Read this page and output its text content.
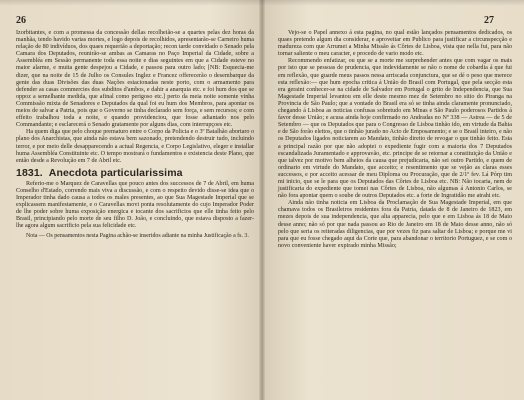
26

Izorbitantes, e com a promessa da concessão dellas recolheião-se a quartes pelas dez horas da manhãa, tendo havido varias mortes, e logo depois de recolhidos, apresentarão-se Carneiro huma relação de 80 indivíduos, dos quaes requerião a deportação; recon tarde convidado o Senado pela Camara dos Deputados, reunirão-se ambas as Camaras no Paço Imperial da Cidade, sobre a Assembléa em Sessão permanente toda essa noite e dias seguintes em que a Cidade esteve no maior alarme, e muita gente despejou a Cidade, e passou para outro lado; [NB: Esquecia-me dizer, que na noite de 15 de Julho os Consules Inglez e Francez offerecerão o desembarque da gente das duas Divisões das duas Nações estacionadas neste porto, com o armamento para defender as casas commercies dos subditos d'ambos, e dahir a anarquia etc. e foi hum dos que se oppoz a semelhante medida, que afinal como perigoso etc.] perto da meia noite somente vinha Commissão mixta de Senadores e Deputados da qual foi eu hum dos Membros, para apontar os meios de salvar a Patria, pois que o Governo se tinha declarado sem força, e sem recursos; e com effeito trabalhou toda a noite, e quando providenciou, que fosse adiantado nos pelo Commandante; e esclarecerá o Senado gratamente por alguns dias, com interrupçoes etc.

Ha quem diga que pelo choque prematuro entre o Corpo da Policia e o 3º Batalhão abortaro o plano dos Anarchistas, que ainda não estava bem sazonado, pretendendo destruir tudo, incluindo terror, e por meio delle desapparecendo a actual Regencia, e Corpo Legislativo, eleger e installar huma Assembléa Constituinte etc. O tempo mostrará o fundamentos e existencia deste Plano, que então desde a Revolução em 7 de Abril etc.

1831. Anecdota particularissima

Referio-me o Marquez de Caravellas que pouco antes dos successos de 7 de Abril, em huma Conselho d'Estado, correndo mais viva a discussão, e com o respeito devido disse-se idea que o Imperador tinha dado causa a todos os males presentes, ao que Sua Magestade Imperial que se explicassem manifestamente, e o Caravellas movi ponta resolutamente do cujo Imperador Poder de lhe poder sobre huma exposição energica e tocante dos sacrificios que elle tinha feito pelo Brasil, principiando pelo morte de seu filho D. João, e concluindo, que estava disposto a fazer-lhe agora algum sacrificio pela sua felicidade etc.

Nota — Os pensamentos nesta Pagina achão-se inseridos adiante na minha Justificação a fs. 3.

27

Vejo-se o Papel annexo á esta pagina, no qual estão lançados pensamentos dedicados, os quaes pretendo algum dia considerar, e aproveitar em Publico para justificar a circunspecção e madureza com que Arrumei a Minha Missão ás Côrtes de Lisboa, vista que nella fui, para não tornar saliente o meu caracter, e procedo de vario modo etc.

Recommendo enfatizar, ou que se a morte me surprehender antes que com vagar os mais por isto que se pessoas de prudencia, que indevidamente se não o nome de cobardia á que fui em reflexão, que guarde meus passos nessa arriscada conjunctura, que se dé o peso que merece esta reflexão:— que hum epocha critica á União do Brasil com Portugal, que pela secção esta era geraint conhecer-se na cidade de Salvador em Portugal o grito de Independencia, que Sua Magestade Imperial levantou em elle deste mesmo mez de Setembro no sitio do Piranga na Provincia de São Paulo; que a vontade do Brasil era só se tinha ainda claramente pronunciado, chegando á Lisboa as noticias confusas sobretudo em Minas e São Paulo poderosos Partidos á favor desse União; e acusa ainda hoje confirmado no Andradas no Nº 338 — Astrea — de 5 de Setembro — que os Deputados que para o Congresso de Lisboa tinhão ido, em virtude da Bahia e de São forão eleitos, que o tinhão jurado no Acto de Emposamento; e se o Brasil inteiro, e não os Deputados ligados noticiarem ao Mandato, tinhão direito de revogar o que tinhão feito. Esta a principal razão por que não adoptei o expediente fugir com a maioria dos 7 Deputados escandalizada Juramentado e approvavão, etc. principe de se retornar a constituição da União e que talvez por motivo bem alheios da causa que prejudicaria, não sei outro Partido, e quem de ordinario em virtude do Mandato, que acceito; e resentimento que se vejão as claras esses successos, e por acceito acessar de meu Diploma ou Procuração, que de 2/1º fev. Lá Pórp tim mi inicio, que se le para que os Deputados das Côrtes de Lisboa etc. NB: Não tocaria, nem de justificaria do expediente que tomei nas Côrtes de Lisboa, não algumas á Antonio Carlos, se não fora apontar quem o soube de outros Deputados etc. a forte de Ingratidão me atrahi etc.

Ainda não tinha noticia em Lisboa da Proclamação de Sua Magestade Imperial, em que chamava todos os Brasileiros residentes fora da Patria, datada de 8 de Janeiro de 1823, em mezes depois de sua independencia, que alta apparecia, pelo que e em Lisboa ás 18 de Maio desse anno; não só por que nada passou ao Rio de Janeiro em 18 de Maio desse anno, não só pelo que seria os reiteradas diligencias, que por vezes fiz para saltar de Lisboa; e porque me vi para que eu fosse chegado aqui da Corte que, para abandonar o territorio Portuguez, e se com o novo conveniente haver expirado minha Missão;
